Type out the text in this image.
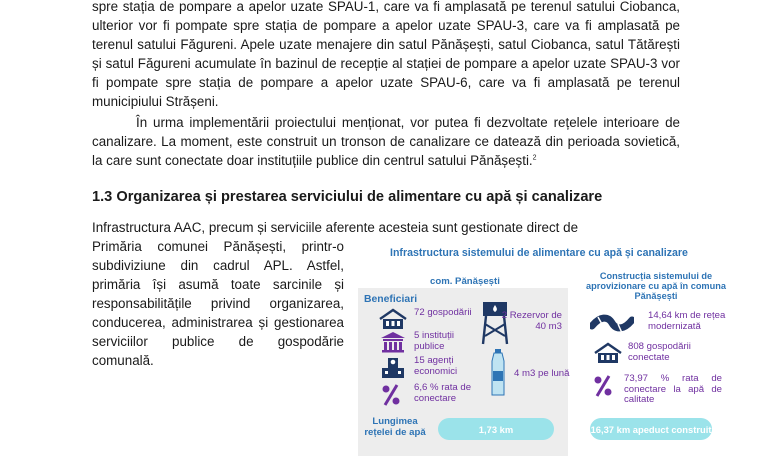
spre stația de pompare a apelor uzate SPAU-1, care va fi amplasată pe terenul satului Ciobanca, ulterior vor fi pompate spre stația de pompare a apelor uzate SPAU-3, care va fi amplasată pe terenul satului Făgureni. Apele uzate menajere din satul Pănășești, satul Ciobanca, satul Tătărești și satul Făgureni acumulate în bazinul de recepție al stației de pompare a apelor uzate SPAU-3 vor fi pompate spre stația de pompare a apelor uzate SPAU-6, care va fi amplasată pe terenul municipiului Strășeni.

În urma implementării proiectului menționat, vor putea fi dezvoltate rețelele interioare de canalizare. La moment, este construit un tronson de canalizare ce datează din perioada sovietică, la care sunt conectate doar instituțiile publice din centrul satului Pănășești.$^2$

1.3 Organizarea și prestarea serviciului de alimentare cu apă și canalizare

Infrastructura AAC, precum și serviciile aferente acesteia sunt gestionate direct de

Primăria comunei Pănășești, printr-o subdiviziune din cadrul APL. Astfel, primăria își asumă toate sarcinile și responsabilitățile privind organizarea, conducerea, administrarea și gestionarea serviciilor publice de gospodărie comunală.

Infrastructura sistemului de alimentare cu apă și canalizare
com. Pănășești	Construcția sistemului de aprovizionare cu apă în comuna Pănășești
Beneficiari
72 gospodării
5 instituții publice
15 agenți economici
6,6 % rata de conectare
2 Rezervor de 40 m3
4 m3 pe lună
Lungimea rețelei de apă	1,73 km
14,64 km de rețea modernizată
808 gospodării conectate
73,97 % rata de conectare la apă de calitate
16,37 km apeduct construit
